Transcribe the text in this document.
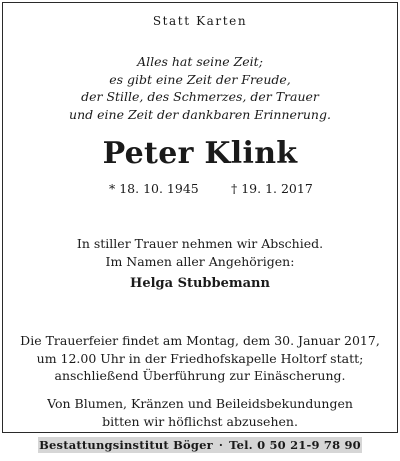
Statt Karten
Alles hat seine Zeit;
es gibt eine Zeit der Freude,
der Stille, des Schmerzes, der Trauer
und eine Zeit der dankbaren Erinnerung.
Peter Klink
* 18. 10. 1945	† 19. 1. 2017
In stiller Trauer nehmen wir Abschied.
Im Namen aller Angehörigen:
Helga Stubbemann
Die Trauerfeier findet am Montag, dem 30. Januar 2017,
um 12.00 Uhr in der Friedhofskapelle Holtorf statt;
anschließend Überführung zur Einäscherung.
Von Blumen, Kränzen und Beileidsbekundungen
bitten wir höflichst abzusehen.
Bestattungsinstitut Böger · Tel. 0 50 21-9 78 90
